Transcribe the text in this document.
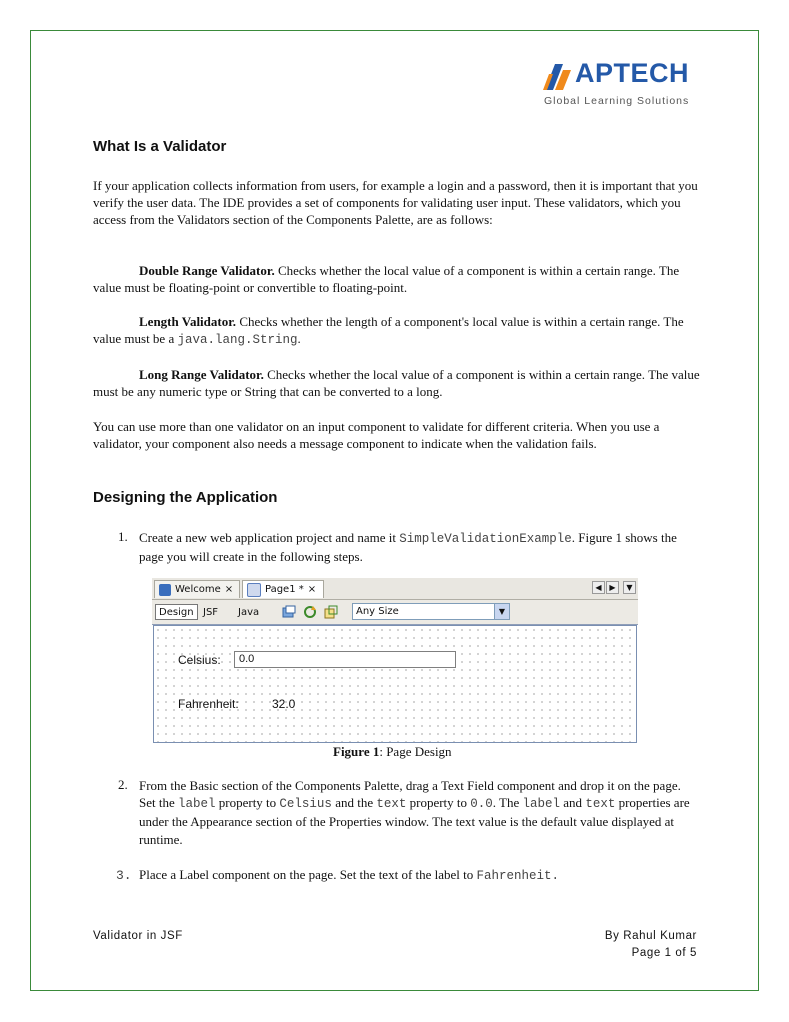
APTECH
Global Learning Solutions
What Is a Validator

If your application collects information from users, for example a login and a password, then it is important that you verify the user data. The IDE provides a set of components for validating user input. These validators, which you access from the Validators section of the Components Palette, are as follows:

Double Range Validator. Checks whether the local value of a component is within a certain range. The value must be floating-point or convertible to floating-point.

Length Validator. Checks whether the length of a component's local value is within a certain range. The value must be a java.lang.String.

Long Range Validator. Checks whether the local value of a component is within a certain range. The value must be any numeric type or String that can be converted to a long.

You can use more than one validator on an input component to validate for different criteria. When you use a validator, your component also needs a message component to indicate when the validation fails.

Designing the Application
1. Create a new web application project and name it SimpleValidationExample. Figure 1 shows the page you will create in the following steps.

Welcome ×	Page1 * ×	◀ ▶	▼
Design JSF	Java	Any Size	▼
Celsius:	0.0
Fahrenheit:	32.0
Figure 1: Page Design
2. From the Basic section of the Components Palette, drag a Text Field component and drop it on the page. Set the label property to Celsius and the text property to 0.0. The label and text properties are under the Appearance section of the Properties window. The text value is the default value displayed at runtime.

3. Place a Label component on the page. Set the text of the label to Fahrenheit.

Validator in JSF	By Rahul Kumar
Page 1 of 5
